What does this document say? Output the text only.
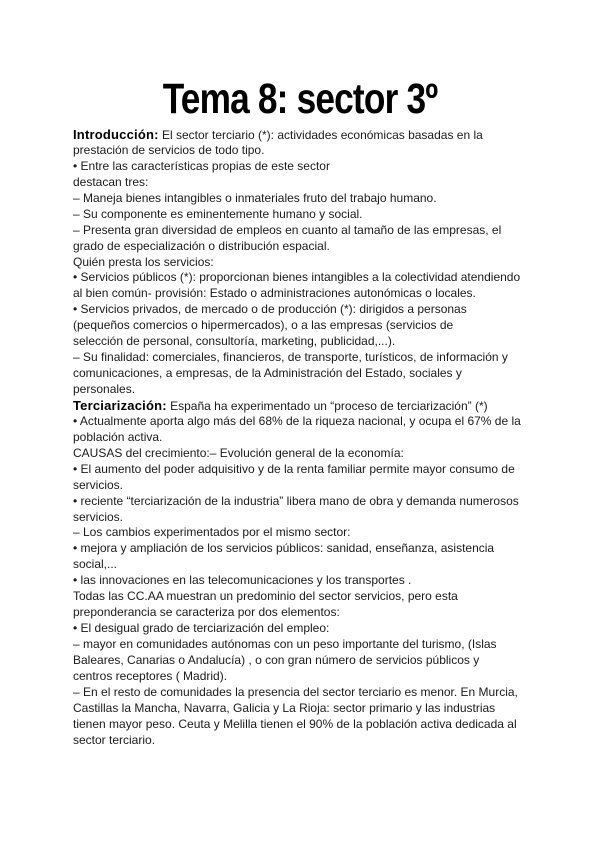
Tema 8: sector 3º
Introducción: El sector terciario (*): actividades económicas basadas en la
prestación de servicios de todo tipo.
• Entre las características propias de este sector
destacan tres:
– Maneja bienes intangibles o inmateriales fruto del trabajo humano.
– Su componente es eminentemente humano y social.
– Presenta gran diversidad de empleos en cuanto al tamaño de las empresas, el
grado de especialización o distribución espacial.
Quién presta los servicios:
• Servicios públicos (*): proporcionan bienes intangibles a la colectividad atendiendo
al bien común- provisión: Estado o administraciones autonómicas o locales.
• Servicios privados, de mercado o de producción (*): dirigidos a personas
(pequeños comercios o hipermercados), o a las empresas (servicios de
selección de personal, consultoría, marketing, publicidad,...).
– Su finalidad: comerciales, financieros, de transporte, turísticos, de información y
comunicaciones, a empresas, de la Administración del Estado, sociales y
personales.
Terciarización: España ha experimentado un “proceso de terciarización” (*)
• Actualmente aporta algo más del 68% de la riqueza nacional, y ocupa el 67% de la
población activa.
CAUSAS del crecimiento:– Evolución general de la economía:
• El aumento del poder adquisitivo y de la renta familiar permite mayor consumo de
servicios.
• reciente “terciarización de la industria” libera mano de obra y demanda numerosos
servicios.
– Los cambios experimentados por el mismo sector:
• mejora y ampliación de los servicios públicos: sanidad, enseñanza, asistencia
social,...
• las innovaciones en las telecomunicaciones y los transportes .
Todas las CC.AA muestran un predominio del sector servicios, pero esta
preponderancia se caracteriza por dos elementos:
• El desigual grado de terciarización del empleo:
– mayor en comunidades autónomas con un peso importante del turismo, (Islas
Baleares, Canarias o Andalucía) , o con gran número de servicios públicos y
centros receptores ( Madrid).
– En el resto de comunidades la presencia del sector terciario es menor. En Murcia,
Castillas la Mancha, Navarra, Galicia y La Rioja: sector primario y las industrias
tienen mayor peso. Ceuta y Melilla tienen el 90% de la población activa dedicada al
sector terciario.
